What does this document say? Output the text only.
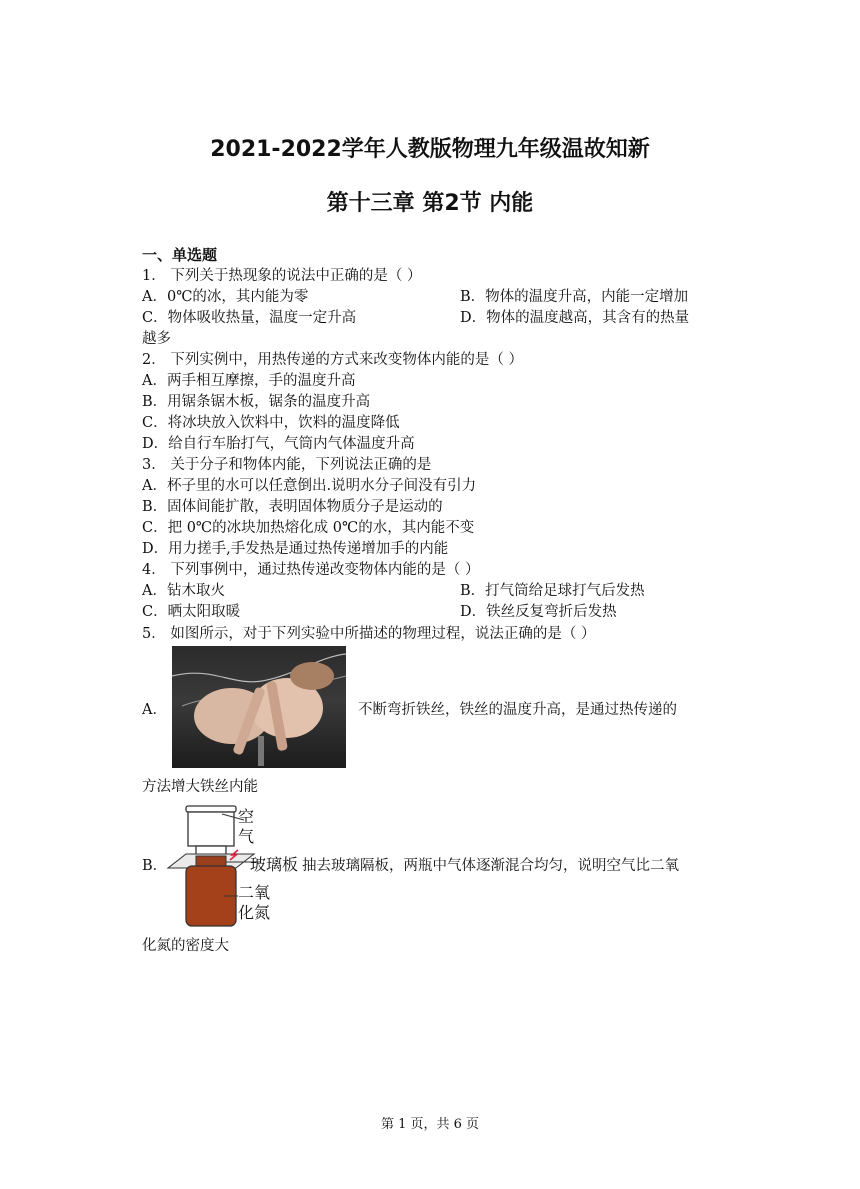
2021-2022学年人教版物理九年级温故知新
第十三章 第2节 内能
一、单选题
1． 下列关于热现象的说法中正确的是（ ）
A．0℃的冰，其内能为零	B．物体的温度升高，内能一定增加
C．物体吸收热量，温度一定升高	D．物体的温度越高，其含有的热量
越多
2． 下列实例中，用热传递的方式来改变物体内能的是（ ）
A．两手相互摩擦，手的温度升高
B．用锯条锯木板，锯条的温度升高
C．将冰块放入饮料中，饮料的温度降低
D．给自行车胎打气，气筒内气体温度升高
3． 关于分子和物体内能，下列说法正确的是
A．杯子里的水可以任意倒出.说明水分子间没有引力
B．固体间能扩散，表明固体物质分子是运动的
C．把 0℃的冰块加热熔化成 0℃的水，其内能不变
D．用力搓手,手发热是通过热传递增加手的内能
4． 下列事例中，通过热传递改变物体内能的是（ ）
A．钻木取火	B．打气筒给足球打气后发热
C．晒太阳取暖	D．铁丝反复弯折后发热
5． 如图所示，对于下列实验中所描述的物理过程，说法正确的是（ ）
A．	不断弯折铁丝，铁丝的温度升高，是通过热传递的
方法增大铁丝内能
B．
空
气
玻璃板
二氧
化氮
抽去玻璃隔板，两瓶中气体逐渐混合均匀，说明空气比二氧
化氮的密度大
第 1 页，共 6 页
